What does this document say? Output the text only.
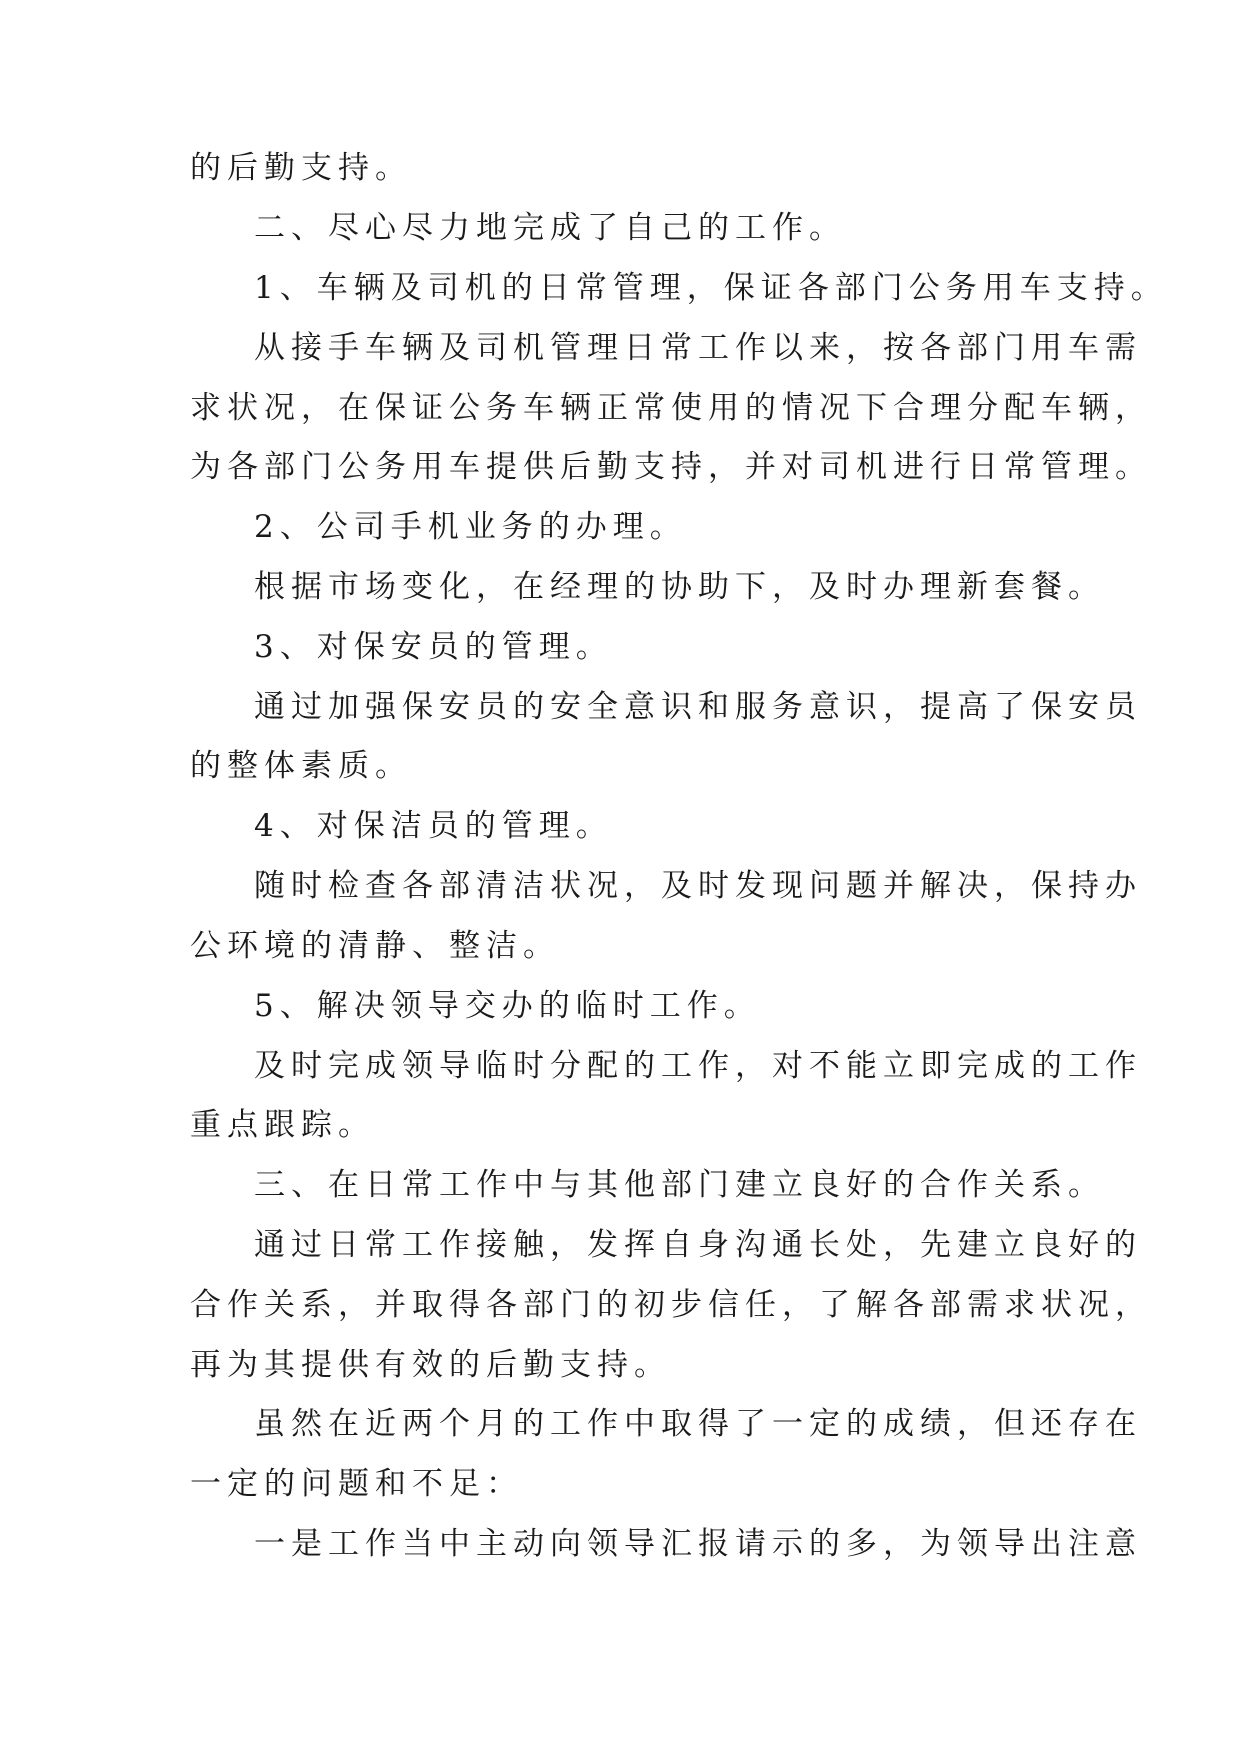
的后勤支持。
二、尽心尽力地完成了自己的工作。
1、车辆及司机的日常管理，保证各部门公务用车支持。
从接手车辆及司机管理日常工作以来，按各部门用车需
求状况，在保证公务车辆正常使用的情况下合理分配车辆，
为各部门公务用车提供后勤支持，并对司机进行日常管理。
2、公司手机业务的办理。
根据市场变化，在经理的协助下，及时办理新套餐。
3、对保安员的管理。
通过加强保安员的安全意识和服务意识，提高了保安员
的整体素质。
4、对保洁员的管理。
随时检查各部清洁状况，及时发现问题并解决，保持办
公环境的清静、整洁。
5、解决领导交办的临时工作。
及时完成领导临时分配的工作，对不能立即完成的工作
重点跟踪。
三、在日常工作中与其他部门建立良好的合作关系。
通过日常工作接触，发挥自身沟通长处，先建立良好的
合作关系，并取得各部门的初步信任，了解各部需求状况，
再为其提供有效的后勤支持。
虽然在近两个月的工作中取得了一定的成绩，但还存在
一定的问题和不足：
一是工作当中主动向领导汇报请示的多，为领导出注意
